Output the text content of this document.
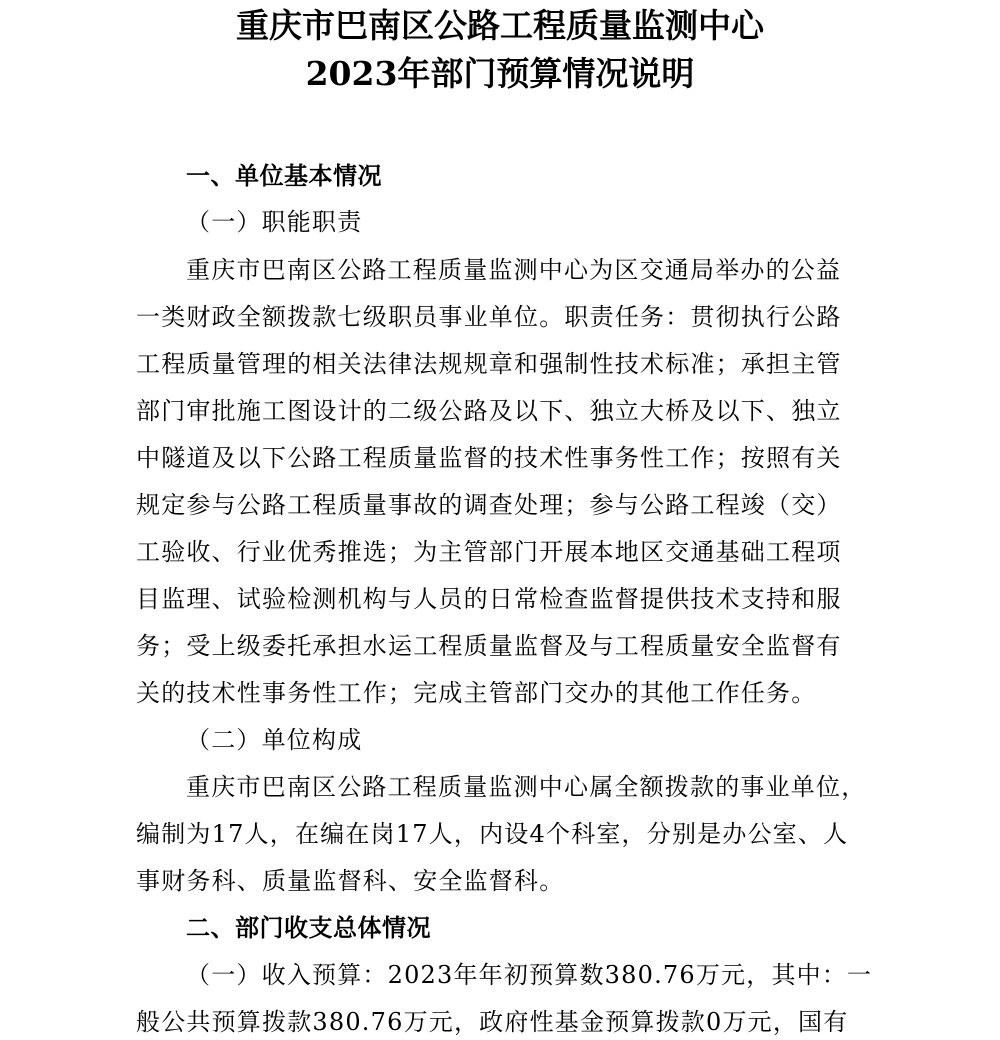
重庆市巴南区公路工程质量监测中心
2023年部门预算情况说明
一、单位基本情况
（一）职能职责
重庆市巴南区公路工程质量监测中心为区交通局举办的公益
一类财政全额拨款七级职员事业单位。职责任务：贯彻执行公路
工程质量管理的相关法律法规规章和强制性技术标准；承担主管
部门审批施工图设计的二级公路及以下、独立大桥及以下、独立
中隧道及以下公路工程质量监督的技术性事务性工作；按照有关
规定参与公路工程质量事故的调查处理；参与公路工程竣（交）
工验收、行业优秀推选；为主管部门开展本地区交通基础工程项
目监理、试验检测机构与人员的日常检查监督提供技术支持和服
务；受上级委托承担水运工程质量监督及与工程质量安全监督有
关的技术性事务性工作；完成主管部门交办的其他工作任务。
（二）单位构成
重庆市巴南区公路工程质量监测中心属全额拨款的事业单位，
编制为17人，在编在岗17人，内设4个科室，分别是办公室、人
事财务科、质量监督科、安全监督科。
二、部门收支总体情况
（一）收入预算：2023年年初预算数380.76万元，其中：一
般公共预算拨款380.76万元，政府性基金预算拨款0万元，国有
